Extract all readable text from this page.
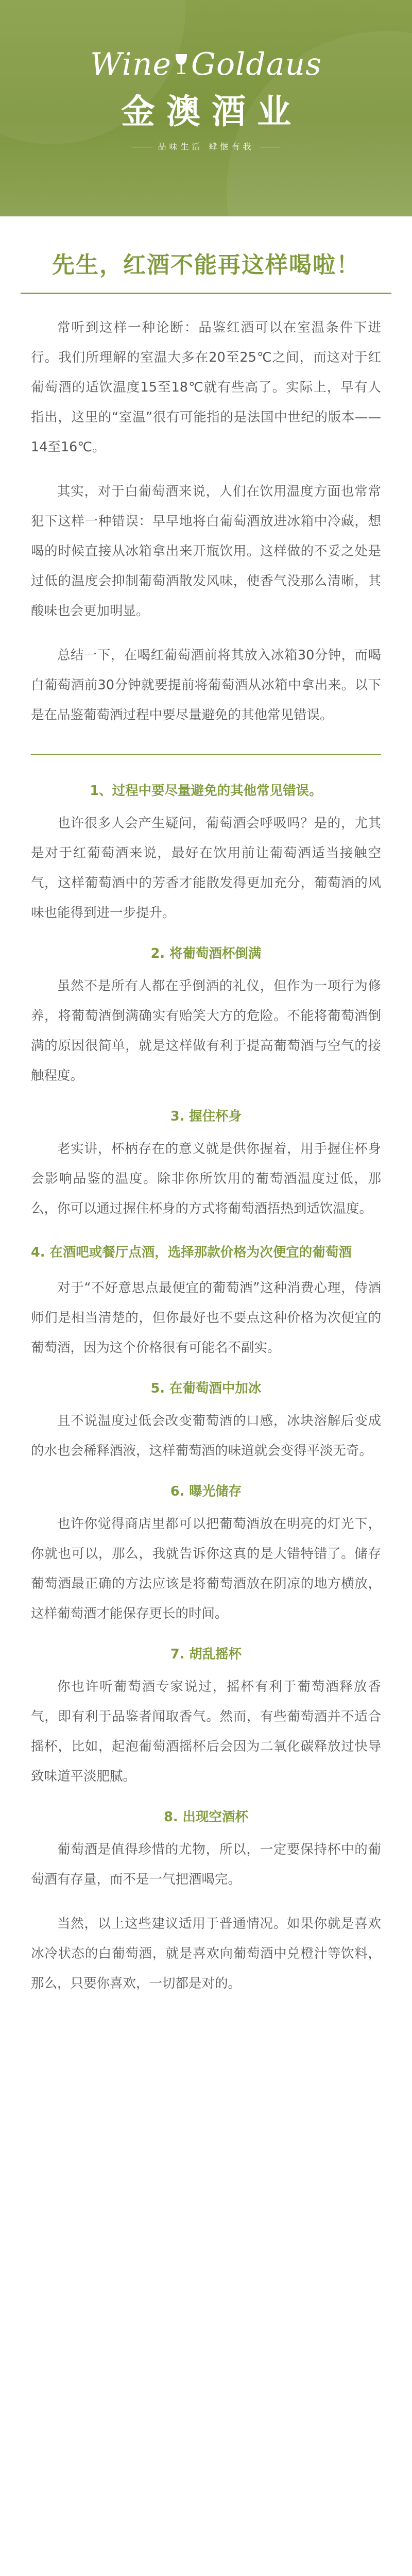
Wine Goldaus
金澳酒业
品味生活 肆惬有我
先生，红酒不能再这样喝啦！

常听到这样一种论断：品鉴红酒可以在室温条件下进行。我们所理解的室温大多在20至25℃之间，而这对于红葡萄酒的适饮温度15至18℃就有些高了。实际上，早有人指出，这里的“室温”很有可能指的是法国中世纪的版本——14至16℃。

其实，对于白葡萄酒来说，人们在饮用温度方面也常常犯下这样一种错误：早早地将白葡萄酒放进冰箱中冷藏，想喝的时候直接从冰箱拿出来开瓶饮用。这样做的不妥之处是过低的温度会抑制葡萄酒散发风味，使香气没那么清晰，其酸味也会更加明显。

总结一下，在喝红葡萄酒前将其放入冰箱30分钟，而喝白葡萄酒前30分钟就要提前将葡萄酒从冰箱中拿出来。以下是在品鉴葡萄酒过程中要尽量避免的其他常见错误。

1、过程中要尽量避免的其他常见错误。

也许很多人会产生疑问，葡萄酒会呼吸吗？是的，尤其是对于红葡萄酒来说，最好在饮用前让葡萄酒适当接触空气，这样葡萄酒中的芳香才能散发得更加充分，葡萄酒的风味也能得到进一步提升。

2. 将葡萄酒杯倒满

虽然不是所有人都在乎倒酒的礼仪，但作为一项行为修养，将葡萄酒倒满确实有贻笑大方的危险。不能将葡萄酒倒满的原因很简单，就是这样做有利于提高葡萄酒与空气的接触程度。

3. 握住杯身

老实讲，杯柄存在的意义就是供你握着，用手握住杯身会影响品鉴的温度。除非你所饮用的葡萄酒温度过低，那么，你可以通过握住杯身的方式将葡萄酒捂热到适饮温度。

4. 在酒吧或餐厅点酒，选择那款价格为次便宜的葡萄酒

对于“不好意思点最便宜的葡萄酒”这种消费心理，侍酒师们是相当清楚的，但你最好也不要点这种价格为次便宜的葡萄酒，因为这个价格很有可能名不副实。

5. 在葡萄酒中加冰

且不说温度过低会改变葡萄酒的口感，冰块溶解后变成的水也会稀释酒液，这样葡萄酒的味道就会变得平淡无奇。

6. 曝光储存

也许你觉得商店里都可以把葡萄酒放在明亮的灯光下，你就也可以，那么，我就告诉你这真的是大错特错了。储存葡萄酒最正确的方法应该是将葡萄酒放在阴凉的地方横放，这样葡萄酒才能保存更长的时间。

7. 胡乱摇杯

你也许听葡萄酒专家说过，摇杯有利于葡萄酒释放香气，即有利于品鉴者闻取香气。然而，有些葡萄酒并不适合摇杯，比如，起泡葡萄酒摇杯后会因为二氧化碳释放过快导致味道平淡肥腻。

8. 出现空酒杯

葡萄酒是值得珍惜的尤物，所以，一定要保持杯中的葡萄酒有存量，而不是一气把酒喝完。

当然，以上这些建议适用于普通情况。如果你就是喜欢冰冷状态的白葡萄酒，就是喜欢向葡萄酒中兑橙汁等饮料，那么，只要你喜欢，一切都是对的。
